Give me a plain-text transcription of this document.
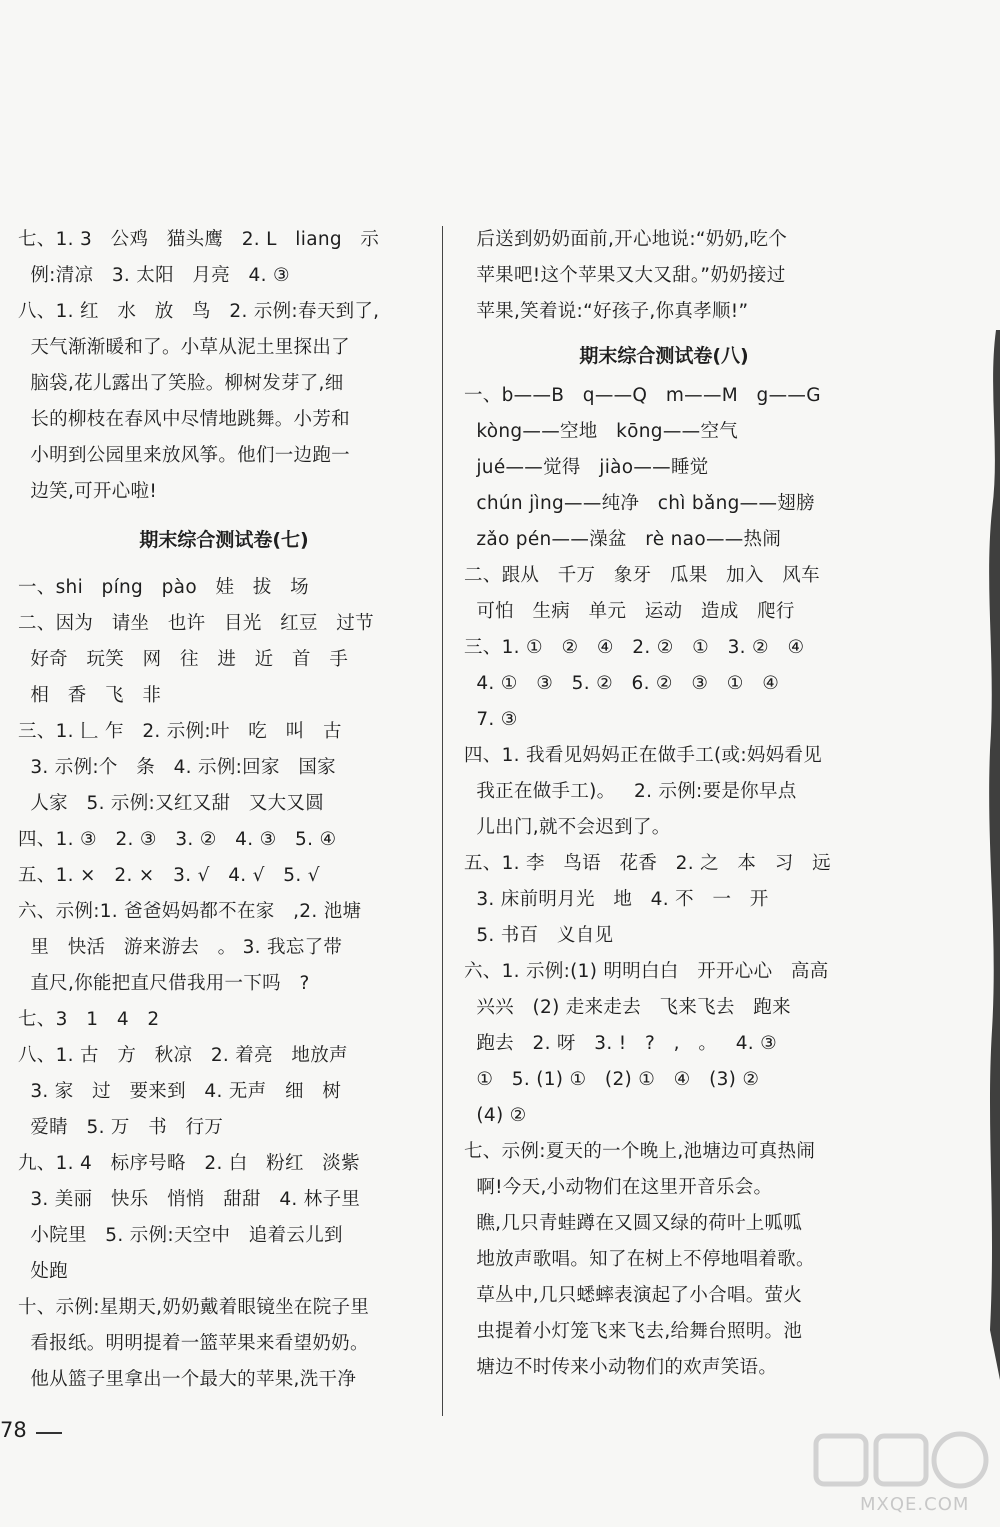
七、1. 3   公鸡   猫头鹰   2. L   liang   示
例:清凉   3. 太阳   月亮   4. ③
八、1. 红   水   放   鸟   2. 示例:春天到了,
天气渐渐暖和了。小草从泥土里探出了
脑袋,花儿露出了笑脸。柳树发芽了,细
长的柳枝在春风中尽情地跳舞。小芳和
小明到公园里来放风筝。他们一边跑一
边笑,可开心啦!
期末综合测试卷(七)
一、shi   píng   pào   娃   拔   场
二、因为   请坐   也许   目光   红豆   过节
好奇   玩笑   网   往   进   近   首   手
相   香   飞   非
三、1. 𠃊 乍   2. 示例:叶   吃   叫   古
3. 示例:个   条   4. 示例:回家   国家
人家   5. 示例:又红又甜   又大又圆
四、1. ③   2. ③   3. ②   4. ③   5. ④
五、1. ×   2. ×   3. √   4. √   5. √
六、示例:1. 爸爸妈妈都不在家   ,2. 池塘
里   快活   游来游去   。 3. 我忘了带
直尺,你能把直尺借我用一下吗   ?
七、3   1   4   2
八、1. 古   方   秋凉   2. 着亮   地放声
3. 家   过   要来到   4. 无声   细   树
爱睛   5. 万   书   行万
九、1. 4   标序号略   2. 白   粉红   淡紫
3. 美丽   快乐   悄悄   甜甜   4. 林子里
小院里   5. 示例:天空中   追着云儿到
处跑
十、示例:星期天,奶奶戴着眼镜坐在院子里
看报纸。明明提着一篮苹果来看望奶奶。
他从篮子里拿出一个最大的苹果,洗干净
后送到奶奶面前,开心地说:“奶奶,吃个
苹果吧!这个苹果又大又甜。”奶奶接过
苹果,笑着说:“好孩子,你真孝顺!”
期末综合测试卷(八)
一、b——B   q——Q   m——M   g——G
kòng——空地   kōng——空气
jué——觉得   jiào——睡觉
chún jìng——纯净   chì bǎng——翅膀
zǎo pén——澡盆   rè nao——热闹
二、跟从   千万   象牙   瓜果   加入   风车
可怕   生病   单元   运动   造成   爬行
三、1. ①   ②   ④   2. ②   ①   3. ②   ④
4. ①   ③   5. ②   6. ②   ③   ①   ④
7. ③
四、1. 我看见妈妈正在做手工(或:妈妈看见
我正在做手工)。   2. 示例:要是你早点
儿出门,就不会迟到了。
五、1. 李   鸟语   花香   2. 之   本   习   远
3. 床前明月光   地   4. 不   一   开
5. 书百   义自见
六、1. 示例:(1) 明明白白   开开心心   高高
兴兴   (2) 走来走去   飞来飞去   跑来
跑去   2. 呀   3. !   ?   ,   。   4. ③
①   5. (1) ①   (2) ①   ④   (3) ②
(4) ②
七、示例:夏天的一个晚上,池塘边可真热闹
啊!今天,小动物们在这里开音乐会。
瞧,几只青蛙蹲在又圆又绿的荷叶上呱呱
地放声歌唱。知了在树上不停地唱着歌。
草丛中,几只蟋蟀表演起了小合唱。萤火
虫提着小灯笼飞来飞去,给舞台照明。池
塘边不时传来小动物们的欢声笑语。
78
MXQE.COM
